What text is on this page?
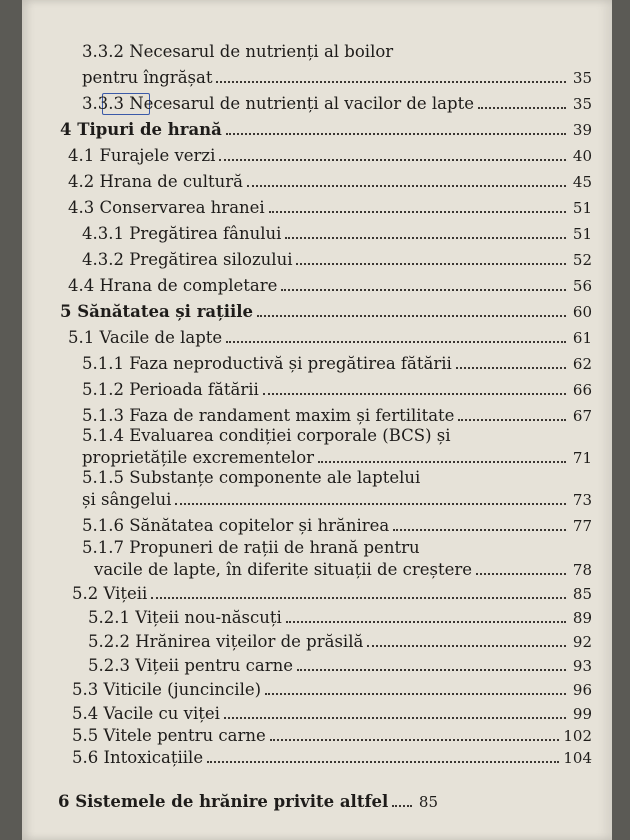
3.3.2 Necesarul de nutrienți al boilor
pentru îngrășat	35
3.3.3 Necesarul de nutrienți al vacilor de lapte	35
4 Tipuri de hrană	39
4.1 Furajele verzi	40
4.2 Hrana de cultură	45
4.3 Conservarea hranei	51
4.3.1 Pregătirea fânului	51
4.3.2 Pregătirea silozului	52
4.4 Hrana de completare	56
5 Sănătatea și rațiile	60
5.1 Vacile de lapte	61
5.1.1 Faza neproductivă și pregătirea fătării	62
5.1.2 Perioada fătării	66
5.1.3 Faza de randament maxim și fertilitate	67
5.1.4 Evaluarea condiției corporale (BCS) și
proprietățile excrementelor	71
5.1.5 Substanțe componente ale laptelui
și sângelui	73
5.1.6 Sănătatea copitelor și hrănirea	77
5.1.7 Propuneri de rații de hrană pentru
vacile de lapte, în diferite situații de creștere	78
5.2 Vițeii	85
5.2.1 Vițeii nou-născuți	89
5.2.2 Hrănirea vițeilor de prăsilă	92
5.2.3 Vițeii pentru carne	93
5.3 Viticile (juncincile)	96
5.4 Vacile cu viței	99
5.5 Vitele pentru carne	102
5.6 Intoxicațiile	104
6 Sistemele de hrănire privite altfel 85
